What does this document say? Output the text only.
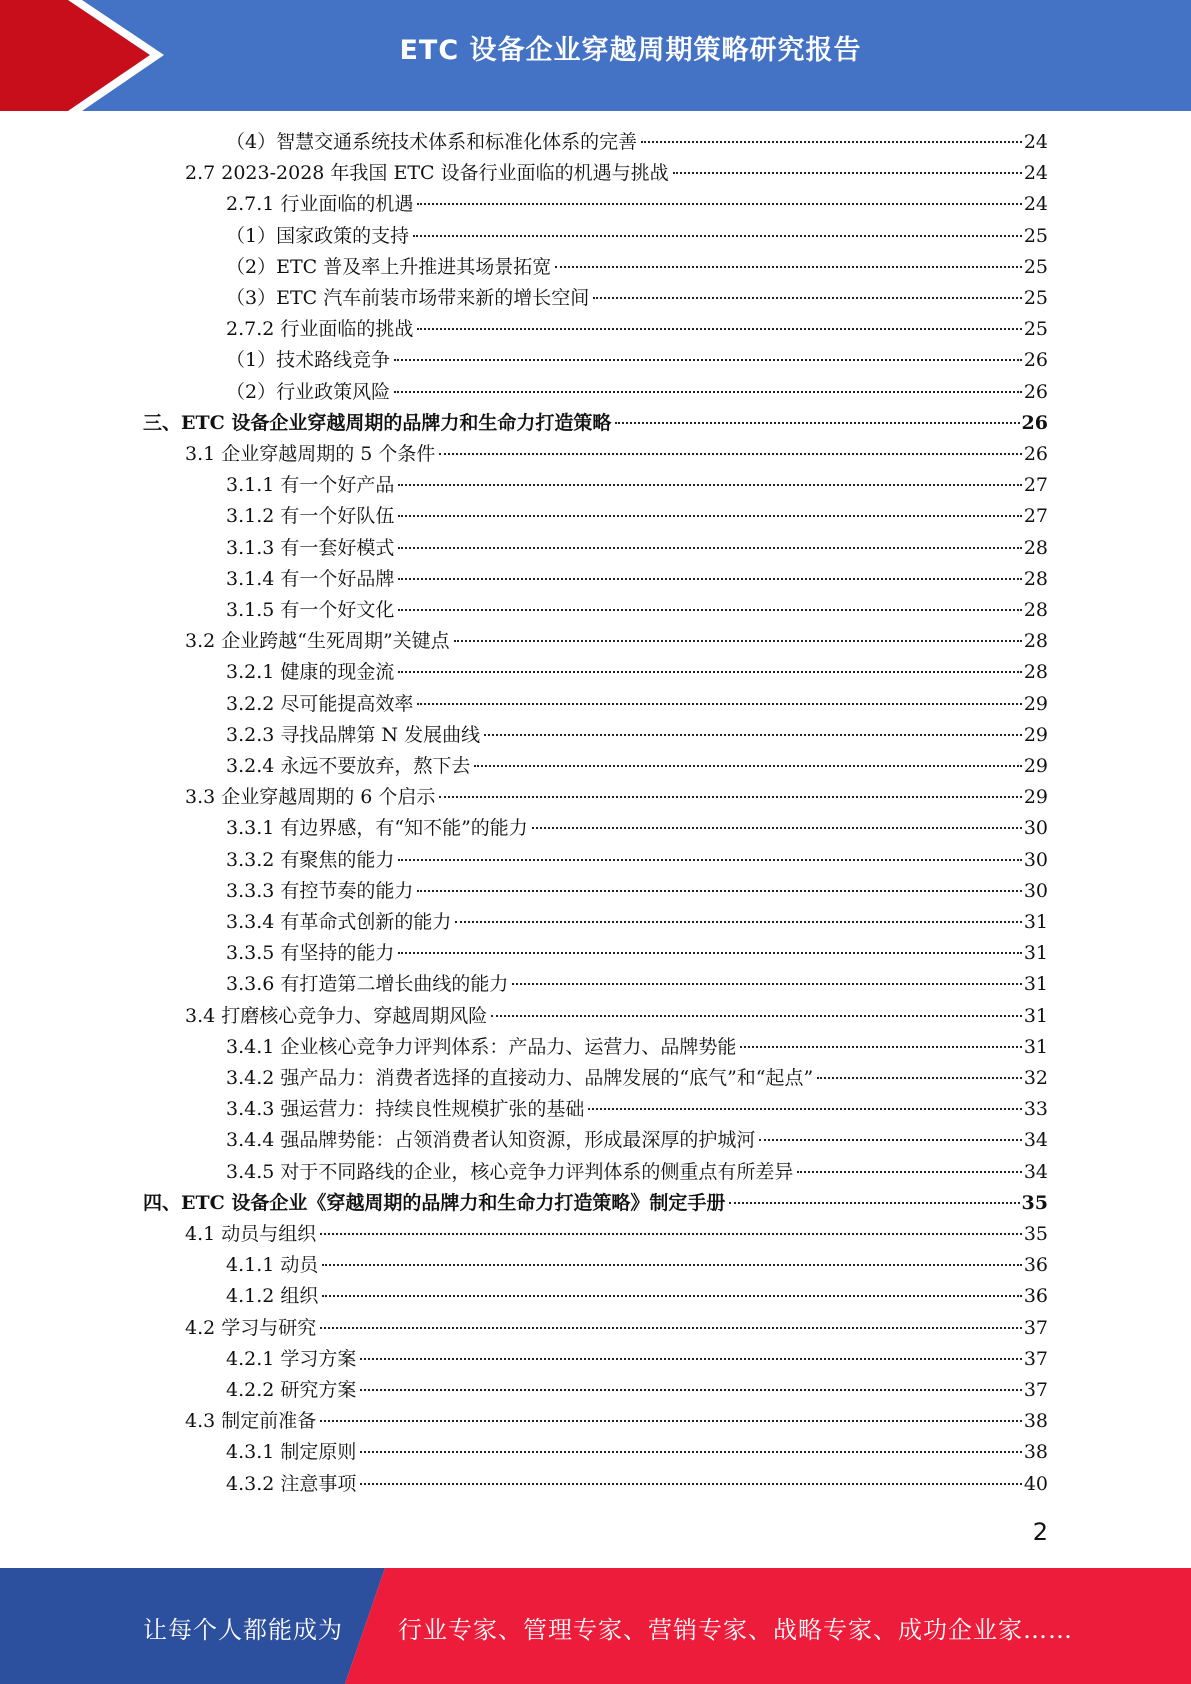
ETC 设备企业穿越周期策略研究报告
（4）智慧交通系统技术体系和标准化体系的完善	24
2.7 2023-2028 年我国 ETC 设备行业面临的机遇与挑战	24
2.7.1 行业面临的机遇	24
（1）国家政策的支持	25
（2）ETC 普及率上升推进其场景拓宽	25
（3）ETC 汽车前装市场带来新的增长空间	25
2.7.2 行业面临的挑战	25
（1）技术路线竞争	26
（2）行业政策风险	26
三、ETC 设备企业穿越周期的品牌力和生命力打造策略	26
3.1 企业穿越周期的 5 个条件	26
3.1.1 有一个好产品	27
3.1.2 有一个好队伍	27
3.1.3 有一套好模式	28
3.1.4 有一个好品牌	28
3.1.5 有一个好文化	28
3.2 企业跨越“生死周期”关键点	28
3.2.1 健康的现金流	28
3.2.2 尽可能提高效率	29
3.2.3 寻找品牌第 N 发展曲线	29
3.2.4 永远不要放弃，熬下去	29
3.3 企业穿越周期的 6 个启示	29
3.3.1 有边界感，有“知不能”的能力	30
3.3.2 有聚焦的能力	30
3.3.3 有控节奏的能力	30
3.3.4 有革命式创新的能力	31
3.3.5 有坚持的能力	31
3.3.6 有打造第二增长曲线的能力	31
3.4 打磨核心竞争力、穿越周期风险	31
3.4.1 企业核心竞争力评判体系：产品力、运营力、品牌势能	31
3.4.2 强产品力：消费者选择的直接动力、品牌发展的“底气”和“起点”	32
3.4.3 强运营力：持续良性规模扩张的基础	33
3.4.4 强品牌势能：占领消费者认知资源，形成最深厚的护城河	34
3.4.5 对于不同路线的企业，核心竞争力评判体系的侧重点有所差异	34
四、ETC 设备企业《穿越周期的品牌力和生命力打造策略》制定手册	35
4.1 动员与组织	35
4.1.1 动员	36
4.1.2 组织	36
4.2 学习与研究	37
4.2.1 学习方案	37
4.2.2 研究方案	37
4.3 制定前准备	38
4.3.1 制定原则	38
4.3.2 注意事项	40
2
让每个人都能成为 行业专家、管理专家、营销专家、战略专家、成功企业家……
